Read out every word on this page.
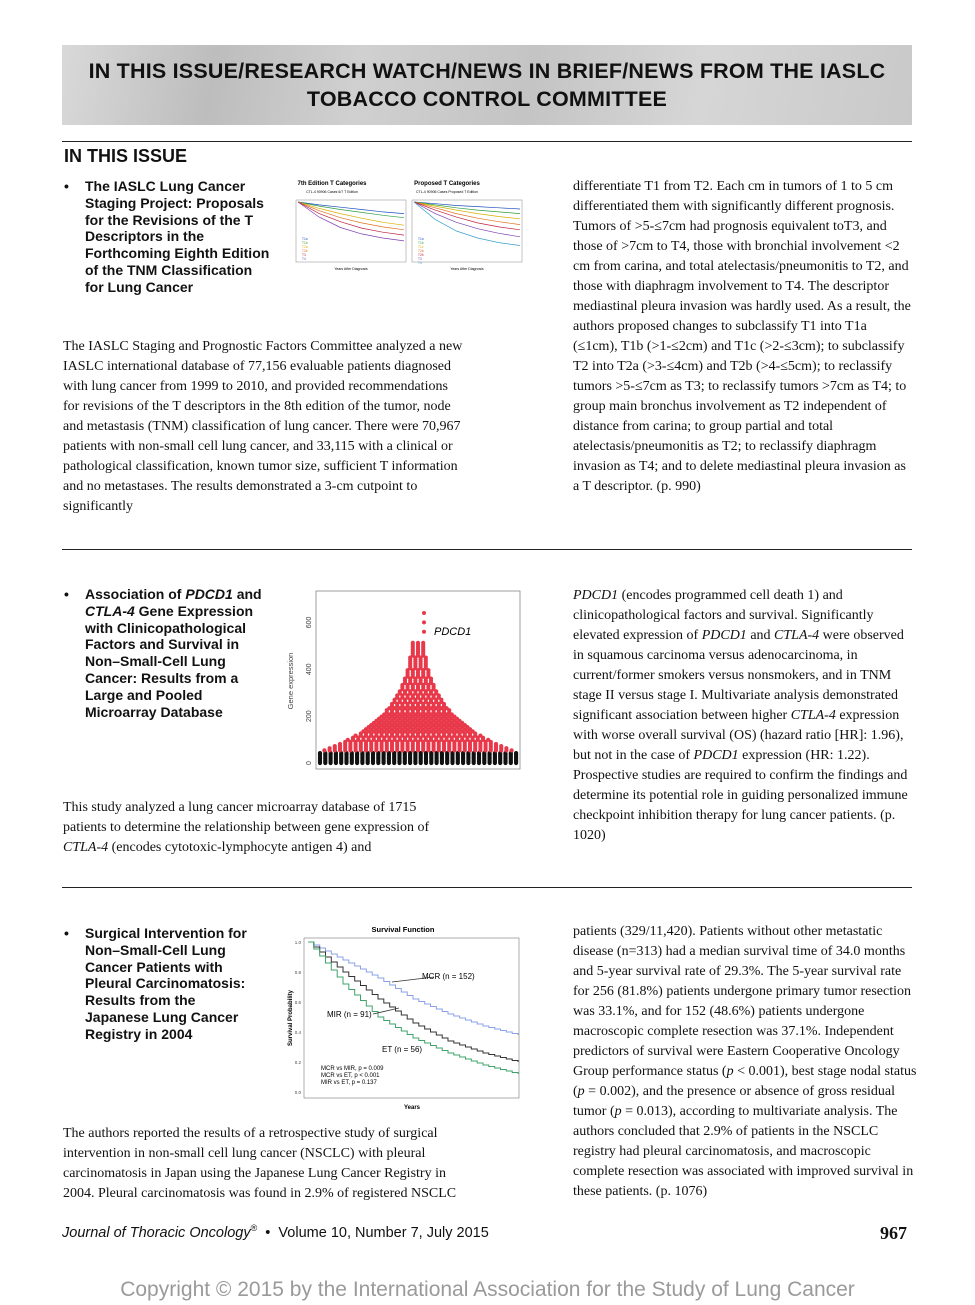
IN THIS ISSUE/RESEARCH WATCH/NEWS IN BRIEF/NEWS FROM THE IASLC
TOBACCO CONTROL COMMITTEE
IN THIS ISSUE
• The IASLC Lung Cancer Staging Project: Proposals for the Revisions of the T Descriptors in the Forthcoming Eighth Edition of the TNM Classification for Lung Cancer
7th Edition T Categories
CTL-4 90906 Cases 6/7 T Edition
T1a
T1b
T2a
T2b
T3
T4
Years After Diagnosis
Proposed T Categories
CTL-4 90906 Cases Proposed T Edition
T1a
T1b
T1c
T2a
T2b
T3
T4
Years After Diagnosis

The IASLC Staging and Prognostic Factors Committee analyzed a new IASLC international database of 77,156 evaluable patients diagnosed with lung cancer from 1999 to 2010, and provided recommendations for revisions of the T descriptors in the 8th edition of the tumor, node and metastasis (TNM) classification of lung cancer. There were 70,967 patients with non-small cell lung cancer, and 33,115 with a clinical or pathological classification, known tumor size, sufficient T information and no metastases. The results demonstrated a 3-cm cutpoint to significantly

differentiate T1 from T2. Each cm in tumors of 1 to 5 cm differentiated them with significantly different prognosis. Tumors of >5-≤7cm had prognosis equivalent toT3, and those of >7cm to T4, those with bronchial involvement <2 cm from carina, and total atelectasis/pneumonitis to T2, and those with diaphragm involvement to T4. The descriptor mediastinal pleura invasion was hardly used. As a result, the authors proposed changes to subclassify T1 into T1a (≤1cm), T1b (>1-≤2cm) and T1c (>2-≤3cm); to subclassify T2 into T2a (>3-≤4cm) and T2b (>4-≤5cm); to reclassify tumors >5-≤7cm as T3; to reclassify tumors >7cm as T4; to group main bronchus involvement as T2 independent of distance from carina; to group partial and total atelectasis/pneumonitis as T2; to reclassify diaphragm invasion as T4; and to delete mediastinal pleura invasion as a T descriptor. (p. 990)

• Association of PDCD1 and CTLA-4 Gene Expression with Clinicopathological Factors and Survival in Non–Small-Cell Lung Cancer: Results from a Large and Pooled Microarray Database
Gene expression
0
200
400
600
PDCD1

This study analyzed a lung cancer microarray database of 1715 patients to determine the relationship between gene expression of CTLA-4 (encodes cytotoxic-lymphocyte antigen 4) and

PDCD1 (encodes programmed cell death 1) and clinicopathological factors and survival. Significantly elevated expression of PDCD1 and CTLA-4 were observed in squamous carcinoma versus adenocarcinoma, in current/former smokers versus nonsmokers, and in TNM stage II versus stage I. Multivariate analysis demonstrated significant association between higher CTLA-4 expression with worse overall survival (OS) (hazard ratio [HR]: 1.96), but not in the case of PDCD1 expression (HR: 1.22). Prospective studies are required to confirm the findings and determine its potential role in guiding personalized immune checkpoint inhibition therapy for lung cancer patients. (p. 1020)

• Surgical Intervention for Non–Small-Cell Lung Cancer Patients with Pleural Carcinomatosis: Results from the Japanese Lung Cancer Registry in 2004
Survival Function
Survival Probability
Years
0.0
0.2
0.4
0.6
0.8
1.0
MCR (n = 152)
MIR (n = 91)
ET (n = 56)
MCR vs MIR, p = 0.009
MCR vs ET, p < 0.001
MIR vs ET, p = 0.137

The authors reported the results of a retrospective study of surgical intervention in non-small cell lung cancer (NSCLC) with pleural carcinomatosis in Japan using the Japanese Lung Cancer Registry in 2004. Pleural carcinomatosis was found in 2.9% of registered NSCLC

patients (329/11,420). Patients without other metastatic disease (n=313) had a median survival time of 34.0 months and 5-year survival rate of 29.3%. The 5-year survival rate for 256 (81.8%) patients undergone primary tumor resection was 33.1%, and for 152 (48.6%) patients undergone macroscopic complete resection was 37.1%. Independent predictors of survival were Eastern Cooperative Oncology Group performance status (p < 0.001), best stage nodal status (p = 0.002), and the presence or absence of gross residual tumor (p = 0.013), according to multivariate analysis. The authors concluded that 2.9% of patients in the NSCLC registry had pleural carcinomatosis, and macroscopic complete resection was associated with improved survival in these patients. (p. 1076)

Journal of Thoracic Oncology®  •  Volume 10, Number 7, July 2015	967
Copyright © 2015 by the International Association for the Study of Lung Cancer
